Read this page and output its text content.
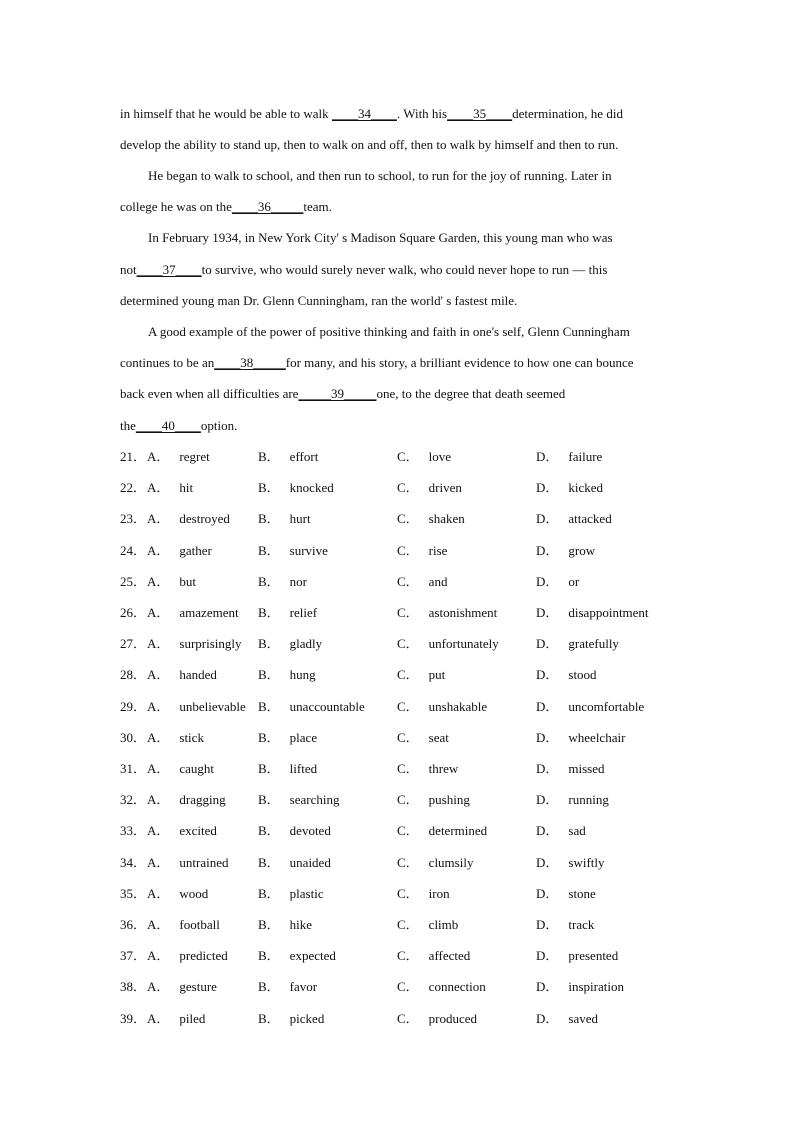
in himself that he would be able to walk ____34____. With his____35____determination, he did
develop the ability to stand up, then to walk on and off, then to walk by himself and then to run.
He began to walk to school, and then run to school, to run for the joy of running. Later in
college he was on the____36_____team.
In February 1934, in New York City' s Madison Square Garden, this young man who was
not____37____to survive, who would surely never walk, who could never hope to run — this
determined young man Dr. Glenn Cunningham, ran the world' s fastest mile.
A good example of the power of positive thinking and faith in one's self, Glenn Cunningham
continues to be an____38_____for many, and his story, a brilliant evidence to how one can bounce
back even when all difficulties are_____39_____one, to the degree that death seemed
the____40____option.
21． A． regret	B． effort	C． love	D． failure
22． A． hit	B． knocked	C． driven	D． kicked
23． A． destroyed B． hurt	C． shaken	D． attacked
24． A． gather	B． survive	C． rise	D． grow
25． A． but	B． nor	C． and	D． or
26． A． amazement B． relief	C． astonishment	D． disappointment
27． A． surprisingly B． gladly	C． unfortunately	D． gratefully
28． A． handed	B． hung	C． put	D． stood
29． A． unbelievable B． unaccountable C． unshakable	D． uncomfortable
30． A． stick	B． place	C． seat	D． wheelchair
31． A． caught	B． lifted	C． threw	D． missed
32． A． dragging B． searching	C． pushing	D． running
33． A． excited	B． devoted	C． determined	D． sad
34． A． untrained B． unaided	C． clumsily	D． swiftly
35． A． wood	B． plastic	C． iron	D． stone
36． A． football	B． hike	C． climb	D． track
37． A． predicted B． expected	C． affected	D． presented
38． A． gesture	B． favor	C． connection	D． inspiration
39． A． piled	B． picked	C． produced	D． saved
